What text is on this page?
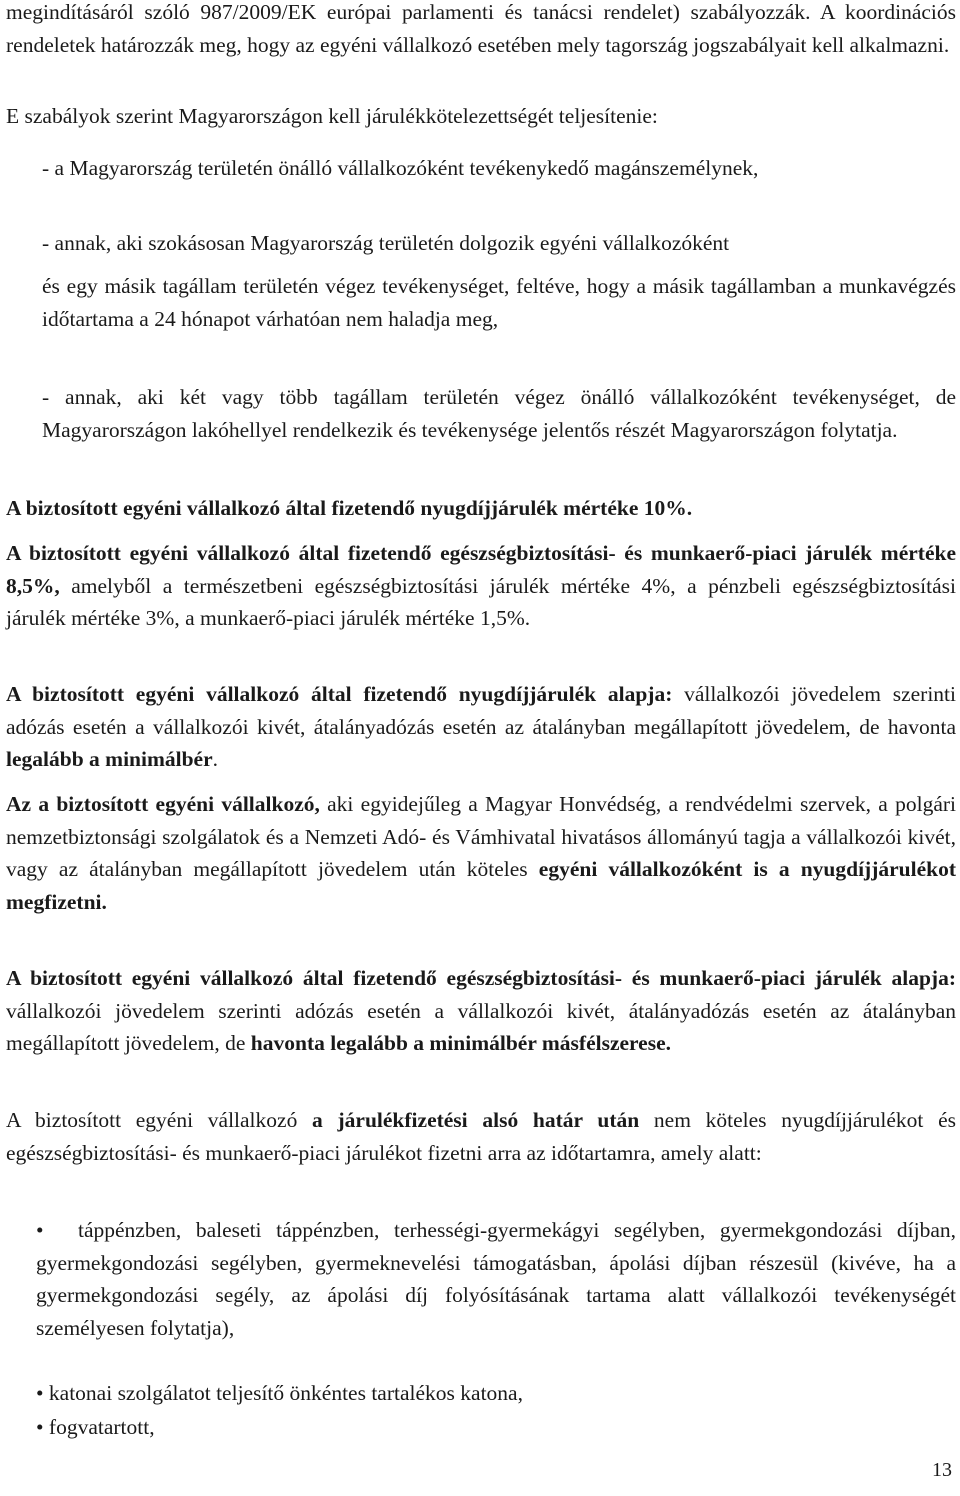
megindításáról szóló 987/2009/EK európai parlamenti és tanácsi rendelet) szabályozzák. A koordinációs rendeletek határozzák meg, hogy az egyéni vállalkozó esetében mely tagország jogszabályait kell alkalmazni.

E szabályok szerint Magyarországon kell járulékkötelezettségét teljesítenie:

- a Magyarország területén önálló vállalkozóként tevékenykedő magánszemélynek,

- annak, aki szokásosan Magyarország területén dolgozik egyéni vállalkozóként

és egy másik tagállam területén végez tevékenységet, feltéve, hogy a másik tagállamban a munkavégzés időtartama a 24 hónapot várhatóan nem haladja meg,

- annak, aki két vagy több tagállam területén végez önálló vállalkozóként tevékenységet, de Magyarországon lakóhellyel rendelkezik és tevékenysége jelentős részét Magyarországon folytatja.

A biztosított egyéni vállalkozó által fizetendő nyugdíjjárulék mértéke 10%.

A biztosított egyéni vállalkozó által fizetendő egészségbiztosítási- és munkaerő-piaci járulék mértéke 8,5%, amelyből a természetbeni egészségbiztosítási járulék mértéke 4%, a pénzbeli egészségbiztosítási járulék mértéke 3%, a munkaerő-piaci járulék mértéke 1,5%.

A biztosított egyéni vállalkozó által fizetendő nyugdíjjárulék alapja: vállalkozói jövedelem szerinti adózás esetén a vállalkozói kivét, átalányadózás esetén az átalányban megállapított jövedelem, de havonta legalább a minimálbér.

Az a biztosított egyéni vállalkozó, aki egyidejűleg a Magyar Honvédség, a rendvédelmi szervek, a polgári nemzetbiztonsági szolgálatok és a Nemzeti Adó- és Vámhivatal hivatásos állományú tagja a vállalkozói kivét, vagy az átalányban megállapított jövedelem után köteles egyéni vállalkozóként is a nyugdíjjárulékot megfizetni.

A biztosított egyéni vállalkozó által fizetendő egészségbiztosítási- és munkaerő-piaci járulék alapja: vállalkozói jövedelem szerinti adózás esetén a vállalkozói kivét, átalányadózás esetén az átalányban megállapított jövedelem, de havonta legalább a minimálbér másfélszerese.

A biztosított egyéni vállalkozó a járulékfizetési alsó határ után nem köteles nyugdíjjárulékot és egészségbiztosítási- és munkaerő-piaci járulékot fizetni arra az időtartamra, amely alatt:

• táppénzben, baleseti táppénzben, terhességi-gyermekágyi segélyben, gyermekgondozási díjban, gyermekgondozási segélyben, gyermeknevelési támogatásban, ápolási díjban részesül (kivéve, ha a gyermekgondozási segély, az ápolási díj folyósításának tartama alatt vállalkozói tevékenységét személyesen folytatja),

• katonai szolgálatot teljesítő önkéntes tartalékos katona,

• fogvatartott,

13
